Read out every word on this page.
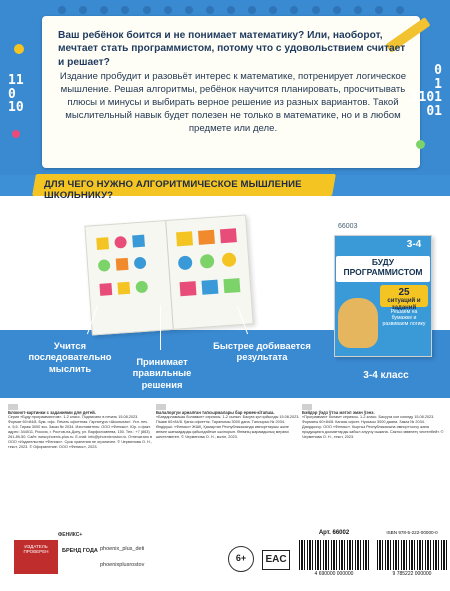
11
0
10
0
1
1101
01
Ваш ребёнок боится и не понимает математику? Или, наоборот, мечтает стать программистом, потому что с удовольствием считает и решает?
Издание пробудит и разовьёт интерес к математике, потренирует логическое мышление. Решая алгоритмы, ребёнок научится планировать, просчитывать плюсы и минусы и выбирать верное решение из разных вариантов. Такой мыслительный навык будет полезен не только в математике, но и в любом предмете или деле.
ДЛЯ ЧЕГО НУЖНО АЛГОРИТМИЧЕСКОЕ МЫШЛЕНИЕ ШКОЛЬНИКУ?
66003
3-4
БУДУ
ПРОГРАММИСТОМ
25
ситуаций и заданий
Решаем на бумажке и развиваем логику
3-4 класс
Учится последовательно мыслить
Принимает правильные решения
Быстрее добивается результата
Блокнот-картинки с заданиями для детей.
Серия «Буду программистом». 1-2 класс. Подписано в печать 15.08.2023. Формат 60×84/8. Бум. офс. Печать офсетная. Гарнитура «Школьная». Усл. печ. л. 5,6. Тираж 3000 экз. Заказ № 2034. Изготовитель: ООО «Феникс». Юр. и факт. адрес: 344011, Россия, г. Ростов-на-Дону, ул. Варфоломеева, 150. Тел.: +7 (863) 261-89-50. Сайт: www.phoenix-plus.ru. E-mail: info@phoenixrostov.ru. Отпечатано в ООО «Издательство «Феникс». Срок хранения не ограничен. © Черменова О. Н., текст, 2023. © Оформление: ООО «Феникс», 2023.
Балалоргуи арналған тапсырмалары бар ермек-кітапша.
«Бағдарламашы боламын» сериясы. 1-2 сынып. Басуға қол қойылды 15.08.2023. Пішімі 60×84/8. Қағаз офсеттік. Таралымы 3000 дана. Тапсырыс № 2034. Өндіруші: «Феникс» ЖШҚ. Қазақстан Республикасында импорттаушы және өнімге шағымдарды қабылдайтын кәсіпорын. Өнімнің жарамдылық мерзімі шектелмеген. © Черменова О. Н., мәтін, 2023.
Бэйдэр ўэдз ўтэа мэтэл эмэн ўэнэ.
«Программист болам» сериясы. 1-2 класс. Басууга кол коюлду 15.08.2023. Форматы 60×84/8. Кагазы офсет. Нускасы 3000 даана. Заказ № 2034. Даярдоочу: ООО «Феникс». Кыргыз Республикасына импорттоочу жана продукцияга дооматтарды кабыл алуучу ишкана. Сактоо мөөнөтү чектелбейт. © Черменова О. Н., текст, 2023.
ФЕНИКС+
ИЗДАТЕЛЬ ПРОВЕРЕН	БРЕНД ГОДА phoenix_plus_deti
phoenixplusrostov
6+	EAC
Арт. 66002
4 690000 000000
ISBN 978-5-222-00000-0
9 785222 000000
